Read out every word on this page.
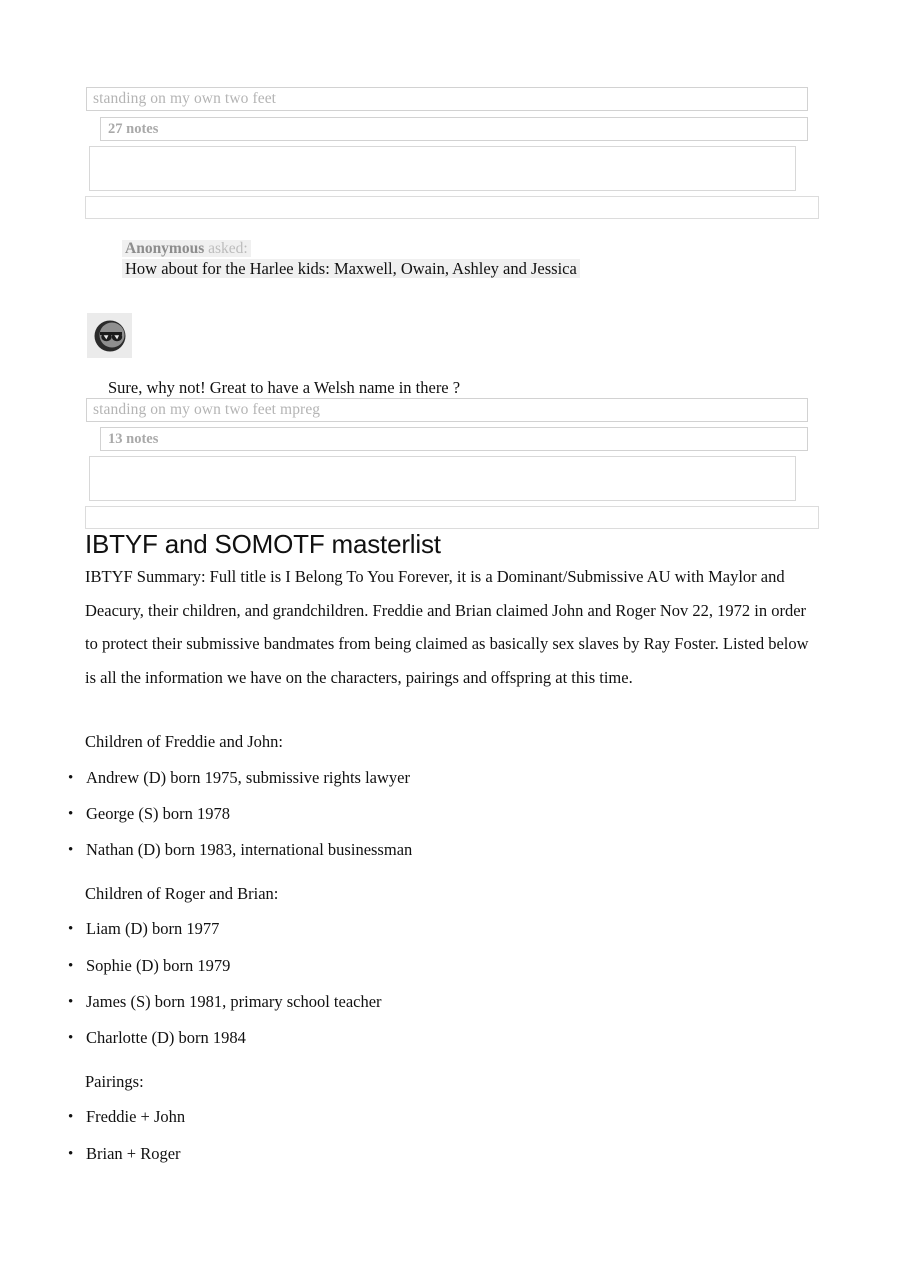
standing on my own two feet
27 notes
Anonymous asked:
How about for the Harlee kids: Maxwell, Owain, Ashley and Jessica
Sure, why not! Great to have a Welsh name in there ?
standing on my own two feet mpreg
13 notes
IBTYF and SOMOTF masterlist

IBTYF Summary: Full title is I Belong To You Forever, it is a Dominant/Submissive AU with Maylor and Deacury, their children, and grandchildren. Freddie and Brian claimed John and Roger Nov 22, 1972 in order to protect their submissive bandmates from being claimed as basically sex slaves by Ray Foster. Listed below is all the information we have on the characters, pairings and offspring at this time.

Children of Freddie and John:
• Andrew (D) born 1975, submissive rights lawyer
• George (S) born 1978
• Nathan (D) born 1983, international businessman
Children of Roger and Brian:
• Liam (D) born 1977
• Sophie (D) born 1979
• James (S) born 1981, primary school teacher
• Charlotte (D) born 1984
Pairings:
• Freddie + John
• Brian + Roger
